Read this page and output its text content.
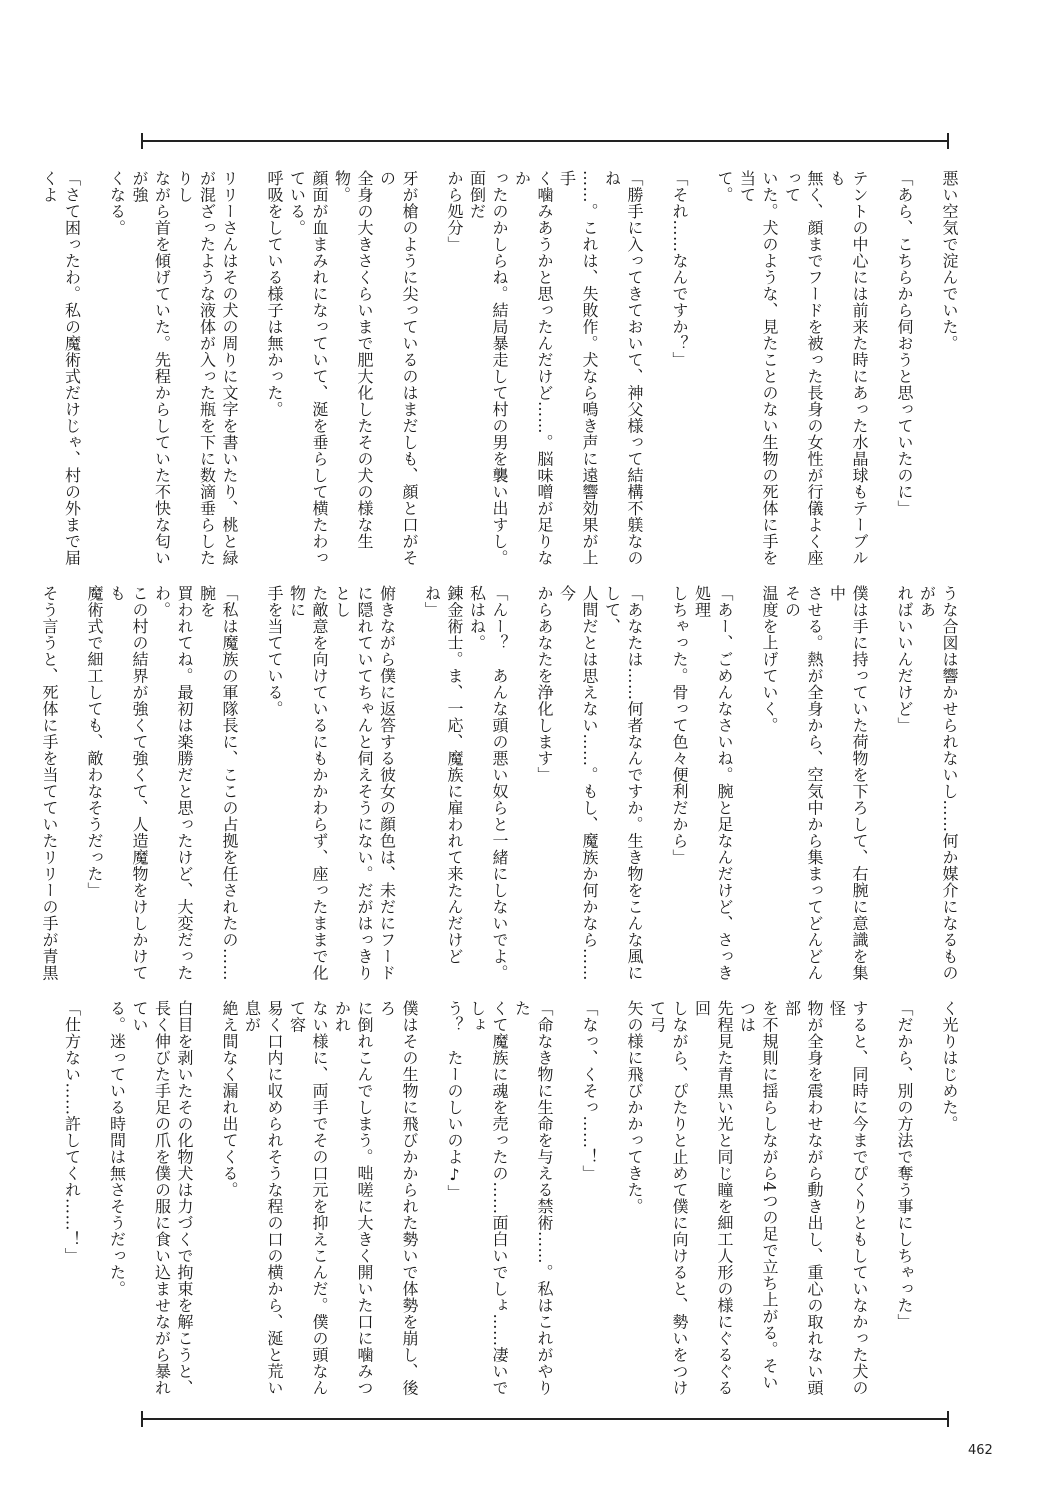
悪い空気で淀んでいた。

「あら、こちらから伺おうと思っていたのに」

テントの中心には前来た時にあった水晶球もテーブルも
無く、顔までフードを被った長身の女性が行儀よく座って
いた。犬のような、見たことのない生物の死体に手を当て
て。

「それ……なんですか？」

「勝手に入ってきておいて、神父様って結構不躾なのね
……。これは、失敗作。犬なら鳴き声に遠響効果が上手
く噛みあうかと思ったんだけど……。脳味噌が足りなか
ったのかしらね。結局暴走して村の男を襲い出すし。面倒だ
から処分」

牙が槍のように尖っているのはまだしも、顔と口がその
全身の大きさくらいまで肥大化したその犬の様な生物。
顔面が血まみれになっていて、涎を垂らして横たわっている。
呼吸をしている様子は無かった。

リリーさんはその犬の周りに文字を書いたり、桃と緑
が混ざったような液体が入った瓶を下に数滴垂らしたりし
ながら首を傾げていた。先程からしていた不快な匂いが強
くなる。

「さて困ったわ。私の魔術式だけじゃ、村の外まで届くよ
うな合図は響かせられないし……何か媒介になるものがあ
ればいいんだけど」

僕は手に持っていた荷物を下ろして、右腕に意識を集中
させる。熱が全身から、空気中から集まってどんどんその
温度を上げていく。

「あー、ごめんなさいね。腕と足なんだけど、さっき処理
しちゃった。骨って色々便利だから」

「あなたは……何者なんですか。生き物をこんな風にして、
人間だとは思えない……。もし、魔族か何かなら……今
からあなたを浄化します」

「んー？　あんな頭の悪い奴らと一緒にしないでよ。私はね。
錬金術士。ま、一応、魔族に雇われて来たんだけどね」

俯きながら僕に返答する彼女の顔色は、未だにフード
に隠れていてちゃんと伺えそうにない。だがはっきりとし
た敵意を向けているにもかかわらず、座ったままで化物に
手を当てている。

「私は魔族の軍隊長に、ここの占拠を任されたの……腕を
買われてね。最初は楽勝だと思ったけど、大変だったわ。
この村の結界が強くて強くて、人造魔物をけしかけても
魔術式で細工しても、敵わなそうだった」

そう言うと、死体に手を当てていたリリーの手が青黒
く光りはじめた。

「だから、別の方法で奪う事にしちゃった」

すると、同時に今までぴくりともしていなかった犬の怪
物が全身を震わせながら動き出し、重心の取れない頭部
を不規則に揺らしながら4つの足で立ち上がる。そいつは
先程見た青黒い光と同じ瞳を細工人形の様にぐるぐる回
しながら、ぴたりと止めて僕に向けると、勢いをつけて弓
矢の様に飛びかかってきた。

「なっ、くそっ……！」

「命なき物に生命を与える禁術……。私はこれがやりた
くて魔族に魂を売ったの……面白いでしょ……凄いでしょ
う？　たーのしいのよ♪」

僕はその生物に飛びかかられた勢いで体勢を崩し、後ろ
に倒れこんでしまう。咄嗟に大きく開いた口に噛みつかれ
ない様に、両手でその口元を抑えこんだ。僕の頭なんて容
易く口内に収められそうな程の口の横から、涎と荒い息が
絶え間なく漏れ出てくる。

白目を剥いたその化物犬は力づくで拘束を解こうと、
長く伸びた手足の爪を僕の服に食い込ませながら暴れてい
る。迷っている時間は無さそうだった。

「仕方ない……許してくれ……！」
462
